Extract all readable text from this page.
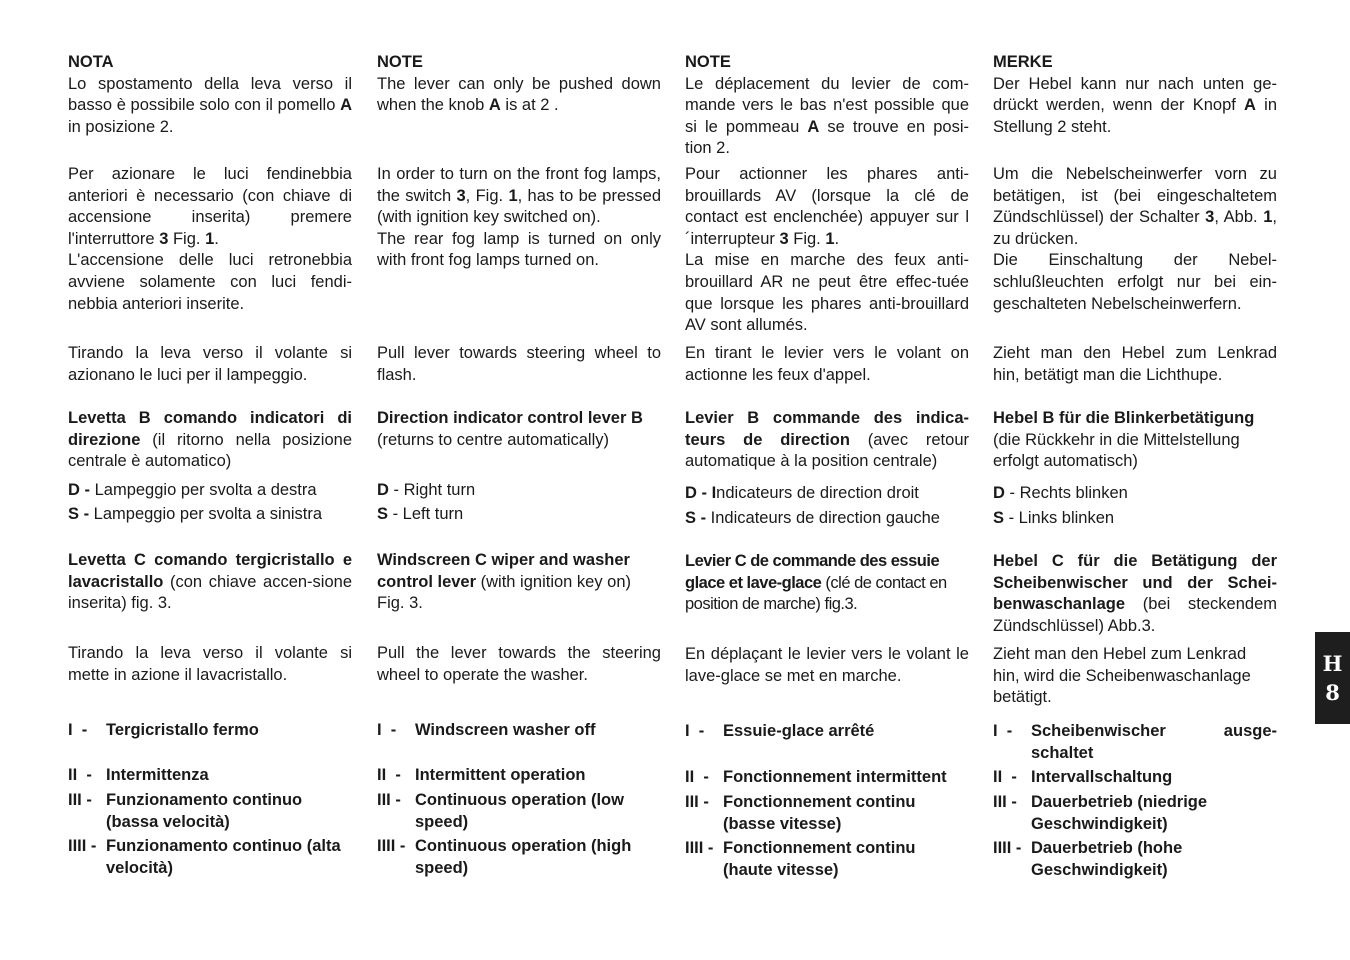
NOTA
Lo spostamento della leva verso il basso è possibile solo con il pomello A in posizione 2.

Per azionare le luci fendinebbia anteriori è necessario (con chiave di accensione inserita) premere l'interruttore 3 Fig. 1.
L'accensione delle luci retronebbia avviene solamente con luci fendi-nebbia anteriori inserite.

Tirando la leva verso il volante si azionano le luci per il lampeggio.

Levetta B comando indicatori di direzione (il ritorno nella posizione centrale è automatico)

D - Lampeggio per svolta a destra

S - Lampeggio per svolta a sinistra

Levetta C comando tergicristallo e lavacristallo (con chiave accen-sione inserita) fig. 3.

Tirando la leva verso il volante si mette in azione il lavacristallo.

I  - Tergicristallo fermo
II  - Intermittenza
III - Funzionamento continuo (bassa velocità)
IIII - Funzionamento continuo (alta velocità)

NOTE
The lever can only be pushed down when the knob A is at 2 .

In order to turn on the front fog lamps, the switch 3, Fig. 1, has to be pressed (with ignition key switched on).
The rear fog lamp is turned on only with front fog lamps turned on.

Pull lever towards steering wheel to flash.

Direction indicator control lever B (returns to centre automatically)

D - Right turn

S - Left turn

Windscreen C wiper and washer control lever (with ignition key on) Fig. 3.

Pull the lever towards the steering wheel to operate the washer.

I  - Windscreen washer off
II  - Intermittent operation
III - Continuous operation (low speed)
IIII - Continuous operation (high speed)

NOTE
Le déplacement du levier de com-mande vers le bas n'est possible que si le pommeau A se trouve en posi-tion 2.

Pour actionner les phares anti-brouillards AV (lorsque la clé de contact est enclenchée) appuyer sur l´interrupteur 3 Fig. 1.
La mise en marche des feux anti-brouillard AR ne peut être effec-tuée que lorsque les phares anti-brouillard AV sont allumés.

En tirant le levier vers le volant on actionne les feux d'appel.

Levier B commande des indica-teurs de direction (avec retour automatique à la position centrale)

D - Indicateurs de direction droit

S - Indicateurs de direction gauche

Levier C de commande des essuie glace et lave-glace (clé de contact en position de marche) fig.3.

En déplaçant le levier vers le volant le lave-glace se met en marche.

I  - Essuie-glace arrêté
II  - Fonctionnement intermittent
III - Fonctionnement continu (basse vitesse)
IIII - Fonctionnement continu (haute vitesse)

MERKE
Der Hebel kann nur nach unten ge-drückt werden, wenn der Knopf A in Stellung 2 steht.

Um die Nebelscheinwerfer vorn zu betätigen, ist (bei eingeschaltetem Zündschlüssel) der Schalter 3, Abb. 1, zu drücken.
Die Einschaltung der Nebel-schlußleuchten erfolgt nur bei ein-geschalteten Nebelscheinwerfern.

Zieht man den Hebel zum Lenkrad hin, betätigt man die Lichthupe.

Hebel B für die Blinkerbetätigung (die Rückkehr in die Mittelstellung erfolgt automatisch)

D - Rechts blinken

S - Links blinken

Hebel C für die Betätigung der Scheibenwischer und der Schei-benwaschanlage (bei steckendem Zündschlüssel) Abb.3.

Zieht man den Hebel zum Lenkrad hin, wird die Scheibenwaschanlage betätigt.

I  - Scheibenwischer ausge-schaltet
II  - Intervallschaltung
III - Dauerbetrieb (niedrige Geschwindigkeit)
IIII - Dauerbetrieb (hohe Geschwindigkeit)
H
8
